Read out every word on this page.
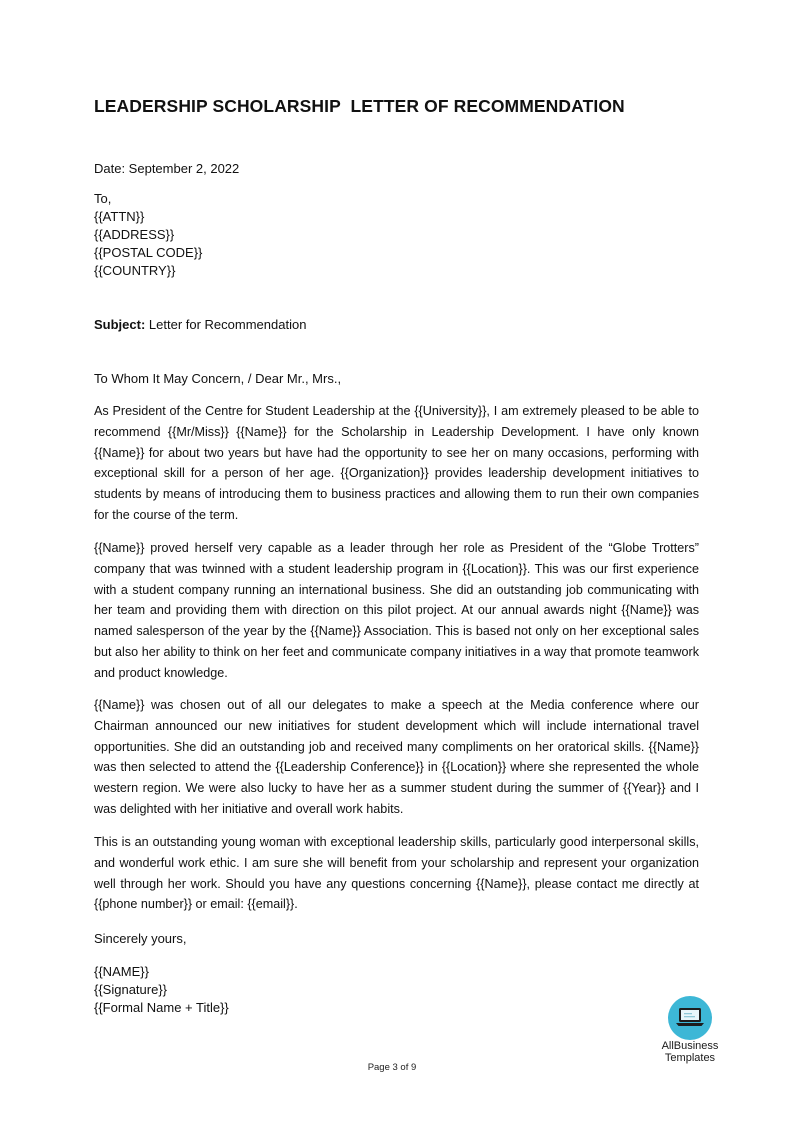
LEADERSHIP SCHOLARSHIP  LETTER OF RECOMMENDATION
Date: September 2, 2022
To,
{{ATTN}}
{{ADDRESS}}
{{POSTAL CODE}}
{{COUNTRY}}
Subject: Letter for Recommendation
To Whom It May Concern, / Dear Mr., Mrs.,
As President of the Centre for Student Leadership at the {{University}}, I am extremely pleased to be able to recommend {{Mr/Miss}} {{Name}} for the Scholarship in Leadership Development. I have only known {{Name}} for about two years but have had the opportunity to see her on many occasions, performing with exceptional skill for a person of her age. {{Organization}} provides leadership development initiatives to students by means of introducing them to business practices and allowing them to run their own companies for the course of the term.
{{Name}} proved herself very capable as a leader through her role as President of the “Globe Trotters” company that was twinned with a student leadership program in {{Location}}. This was our first experience with a student company running an international business. She did an outstanding job communicating with her team and providing them with direction on this pilot project. At our annual awards night {{Name}} was named salesperson of the year by the {{Name}} Association. This is based not only on her exceptional sales but also her ability to think on her feet and communicate company initiatives in a way that promote teamwork and product knowledge.
{{Name}} was chosen out of all our delegates to make a speech at the Media conference where our Chairman announced our new initiatives for student development which will include international travel opportunities. She did an outstanding job and received many compliments on her oratorical skills. {{Name}} was then selected to attend the {{Leadership Conference}} in {{Location}} where she represented the whole western region. We were also lucky to have her as a summer student during the summer of {{Year}} and I was delighted with her initiative and overall work habits.
This is an outstanding young woman with exceptional leadership skills, particularly good interpersonal skills, and wonderful work ethic. I am sure she will benefit from your scholarship and represent your organization well through her work. Should you have any questions concerning {{Name}}, please contact me directly at {{phone number}} or email: {{email}}.
Sincerely yours,
{{NAME}}
{{Signature}}
{{Formal Name + Title}}
AllBusiness
Templates
Page 3 of 9
